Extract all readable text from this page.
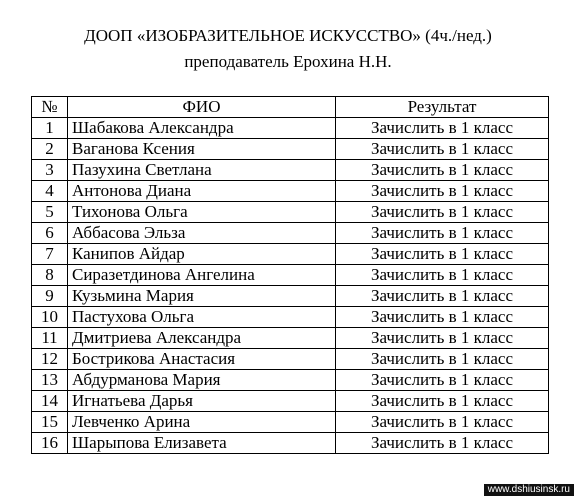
ДООП «ИЗОБРАЗИТЕЛЬНОЕ ИСКУССТВО» (4ч./нед.)
преподаватель Ерохина Н.Н.
№	ФИО	Результат
1	Шабакова Александра	Зачислить в 1 класс
2	Ваганова Ксения	Зачислить в 1 класс
3	Пазухина Светлана	Зачислить в 1 класс
4	Антонова Диана	Зачислить в 1 класс
5	Тихонова Ольга	Зачислить в 1 класс
6	Аббасова Эльза	Зачислить в 1 класс
7	Канипов Айдар	Зачислить в 1 класс
8	Сиразетдинова Ангелина	Зачислить в 1 класс
9	Кузьмина Мария	Зачислить в 1 класс
10	Пастухова Ольга	Зачислить в 1 класс
11	Дмитриева Александра	Зачислить в 1 класс
12	Бострикова Анастасия	Зачислить в 1 класс
13	Абдурманова Мария	Зачислить в 1 класс
14	Игнатьева Дарья	Зачислить в 1 класс
15	Левченко Арина	Зачислить в 1 класс
16	Шарыпова Елизавета	Зачислить в 1 класс
www.dshiusinsk.ru
